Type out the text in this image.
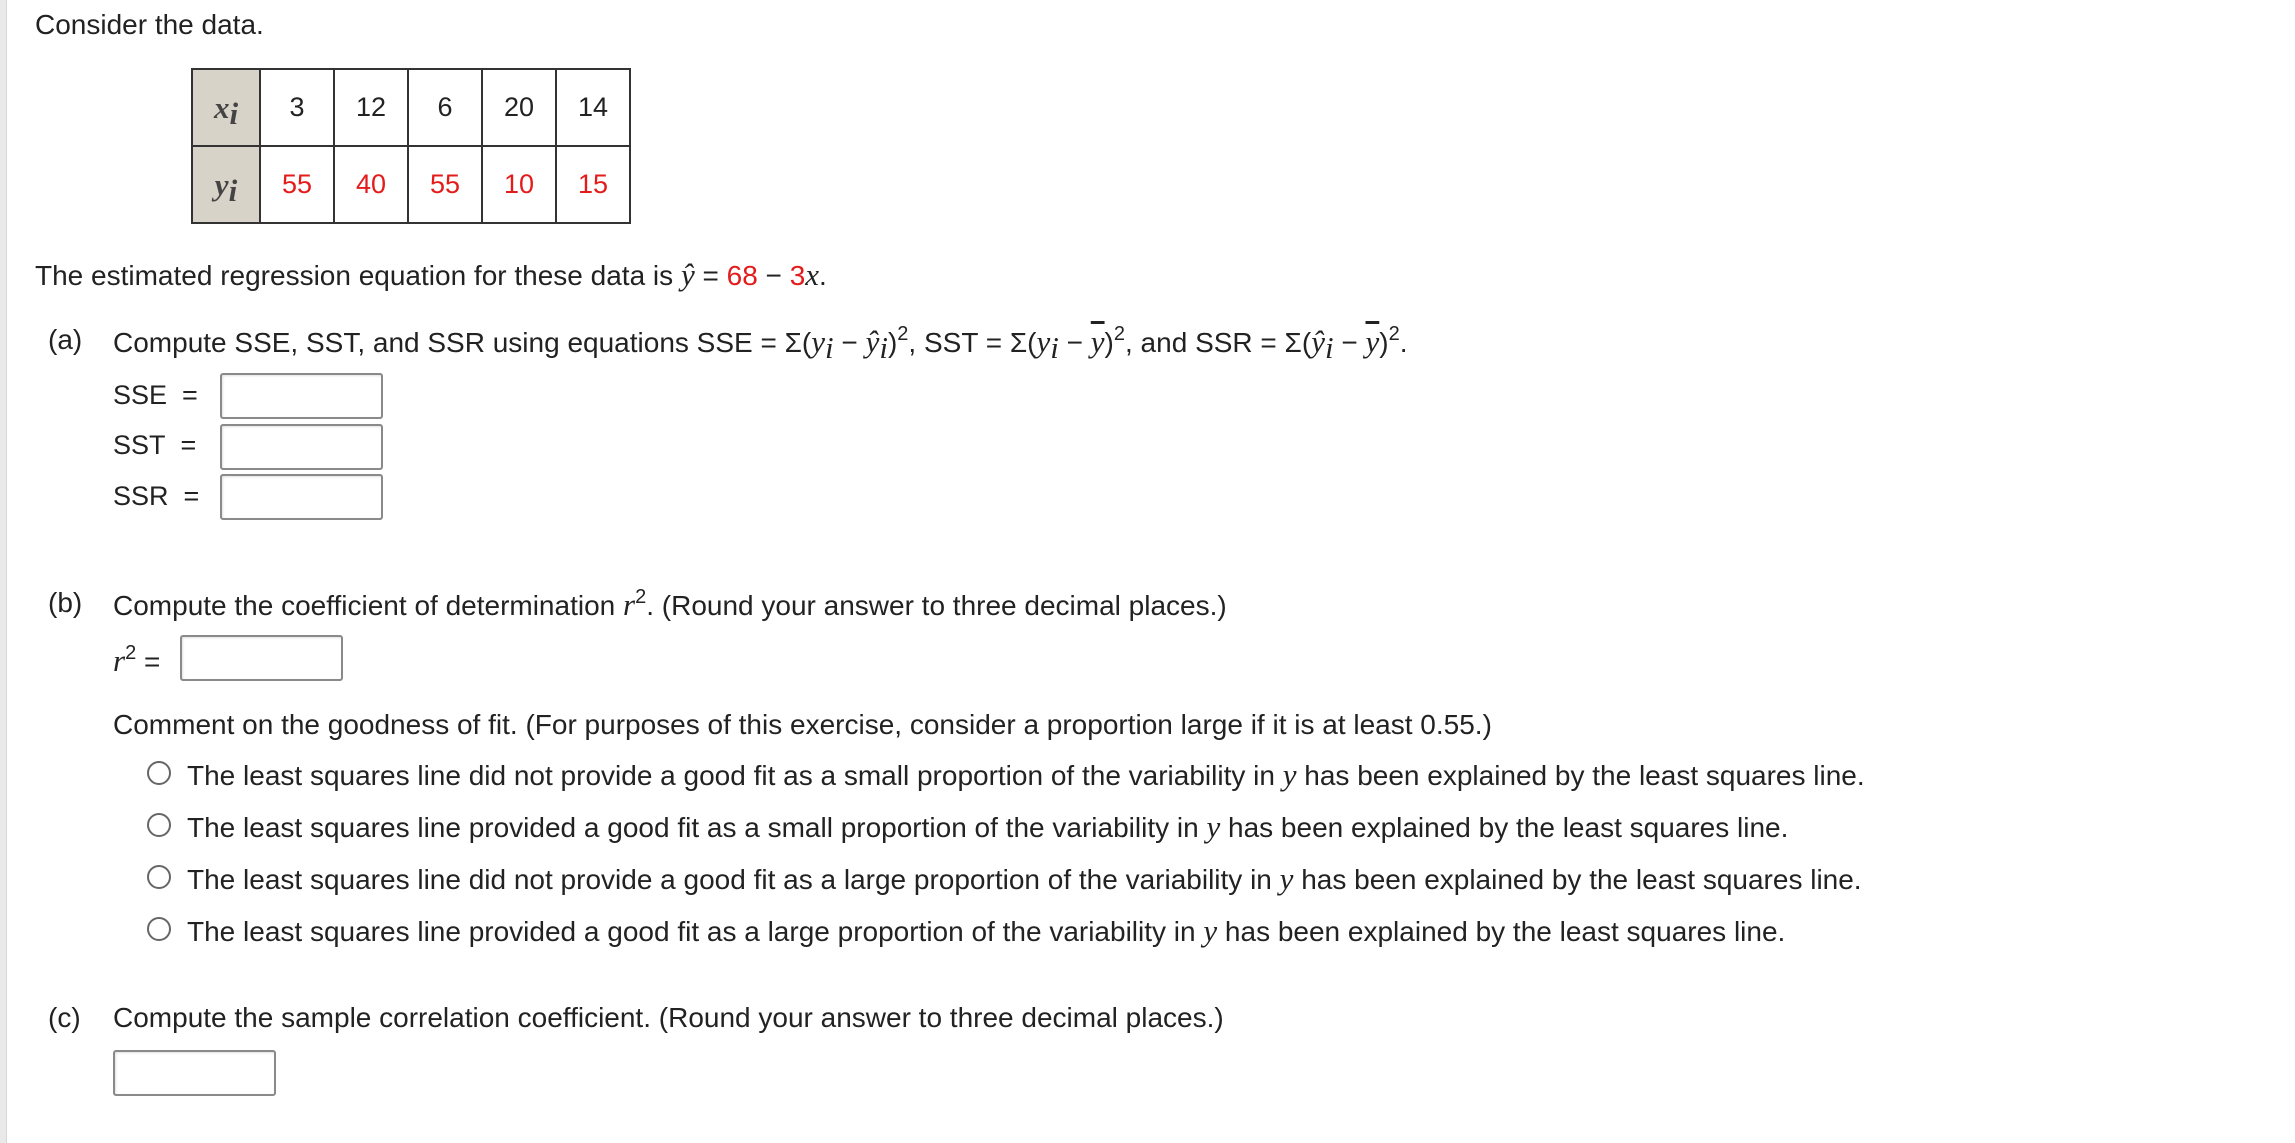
Consider the data.
$x_i$	3	12	6	20	14
$y_i$	55	40	55	10	15
The estimated regression equation for these data is ŷ = 68 − 3x.
(a) Compute SSE, SST, and SSR using equations SSE = $\Sigma(y_i$ − $ŷ_i)^2$, SST = $\Sigma(y_i - \overline{y})^2$, and SSR = $\Sigma(ŷ_i - \overline{y})^2$.
SSE  =
SST  =
SSR  =
(b) Compute the coefficient of determination $r^2$. (Round your answer to three decimal places.)
$r^2$ =
Comment on the goodness of fit. (For purposes of this exercise, consider a proportion large if it is at least 0.55.)
The least squares line did not provide a good fit as a small proportion of the variability in y has been explained by the least squares line.
The least squares line provided a good fit as a small proportion of the variability in y has been explained by the least squares line.
The least squares line did not provide a good fit as a large proportion of the variability in y has been explained by the least squares line.
The least squares line provided a good fit as a large proportion of the variability in y has been explained by the least squares line.
(c) Compute the sample correlation coefficient. (Round your answer to three decimal places.)
